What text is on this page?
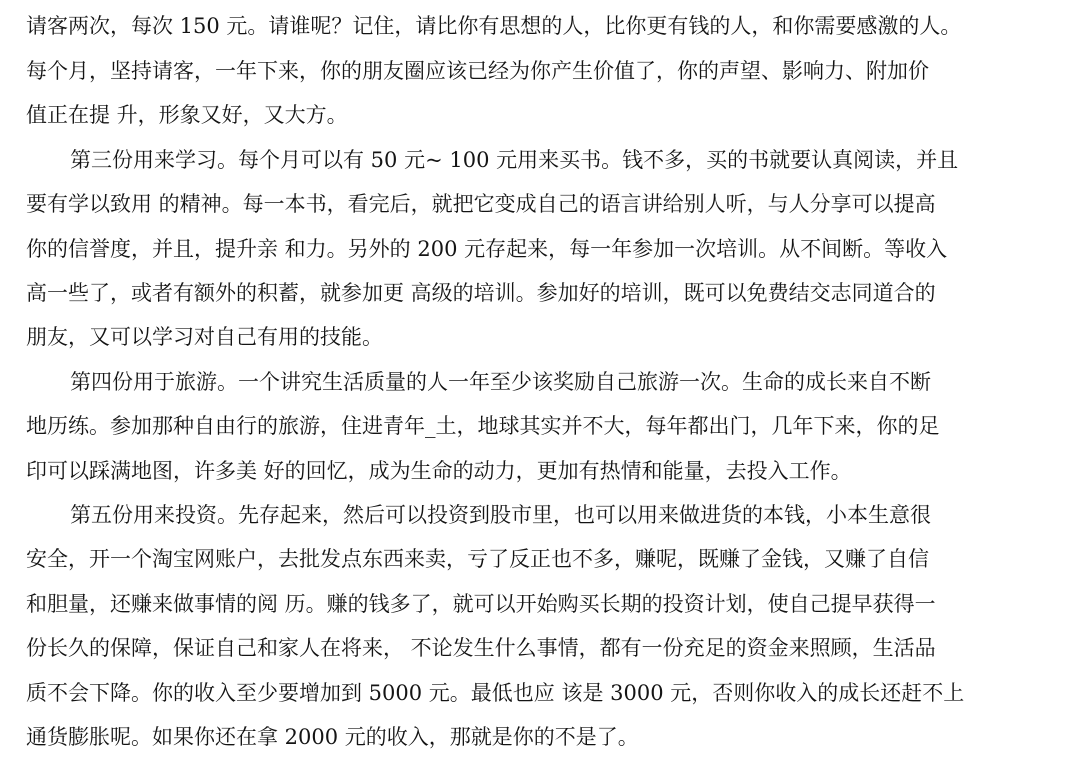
请客两次，每次 150 元。请谁呢？记住，请比你有思想的人，比你更有钱的人，和你需要感激的人。
每个月，坚持请客，一年下来，你的朋友圈应该已经为你产生价值了，你的声望、影响力、附加价
值正在提 升，形象又好，又大方。
第三份用来学习。每个月可以有 50 元~ 100 元用来买书。钱不多，买的书就要认真阅读，并且
要有学以致用 的精神。每一本书，看完后，就把它变成自己的语言讲给别人听，与人分享可以提高
你的信誉度，并且，提升亲 和力。另外的 200 元存起来，每一年参加一次培训。从不间断。等收入
高一些了，或者有额外的积蓄，就参加更 高级的培训。参加好的培训，既可以免费结交志同道合的
朋友，又可以学习对自己有用的技能。
第四份用于旅游。一个讲究生活质量的人一年至少该奖励自己旅游一次。生命的成长来自不断
地历练。参加那种自由行的旅游，住进青年_土，地球其实并不大，每年都出门，几年下来，你的足
印可以踩满地图，许多美 好的回忆，成为生命的动力，更加有热情和能量，去投入工作。
第五份用来投资。先存起来，然后可以投资到股市里，也可以用来做进货的本钱，小本生意很
安全，开一个淘宝网账户，去批发点东西来卖，亏了反正也不多，赚呢，既赚了金钱，又赚了自信
和胆量，还赚来做事情的阅 历。赚的钱多了，就可以开始购买长期的投资计划，使自己提早获得一
份长久的保障，保证自己和家人在将来， 不论发生什么事情，都有一份充足的资金来照顾，生活品
质不会下降。你的收入至少要增加到 5000 元。最低也应 该是 3000 元，否则你收入的成长还赶不上
通货膨胀呢。如果你还在拿 2000 元的收入，那就是你的不是了。
